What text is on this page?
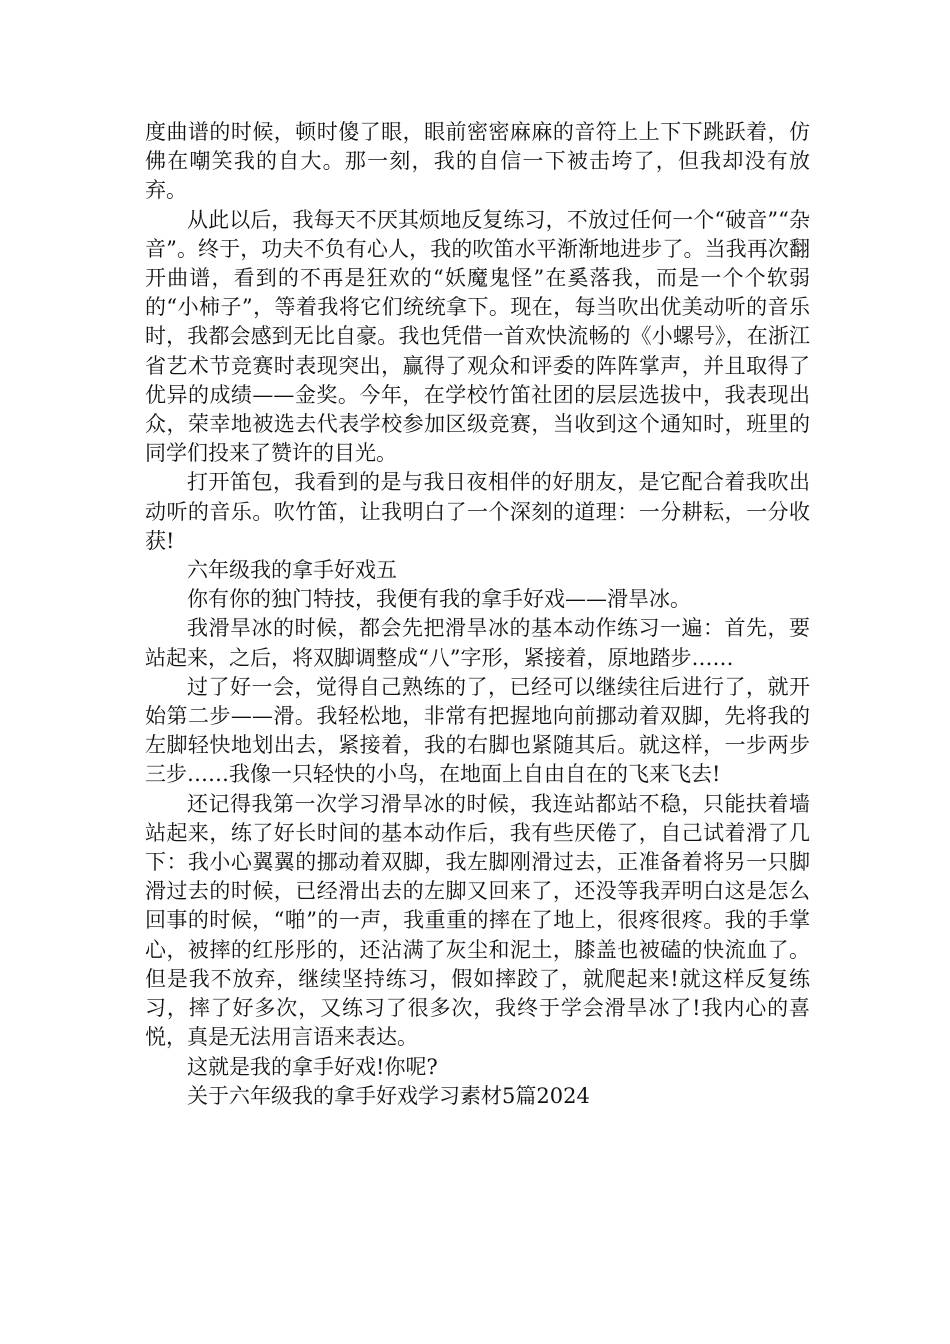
度曲谱的时候，顿时傻了眼，眼前密密麻麻的音符上上下下跳跃着，仿佛在嘲笑我的自大。那一刻，我的自信一下被击垮了，但我却没有放弃。

从此以后，我每天不厌其烦地反复练习，不放过任何一个“破音”“杂音”。终于，功夫不负有心人，我的吹笛水平渐渐地进步了。当我再次翻开曲谱，看到的不再是狂欢的“妖魔鬼怪”在奚落我，而是一个个软弱的“小柿子”，等着我将它们统统拿下。现在，每当吹出优美动听的音乐时，我都会感到无比自豪。我也凭借一首欢快流畅的《小螺号》，在浙江省艺术节竞赛时表现突出，赢得了观众和评委的阵阵掌声，并且取得了优异的成绩——金奖。今年，在学校竹笛社团的层层选拔中，我表现出众，荣幸地被选去代表学校参加区级竞赛，当收到这个通知时，班里的同学们投来了赞许的目光。

打开笛包，我看到的是与我日夜相伴的好朋友，是它配合着我吹出动听的音乐。吹竹笛，让我明白了一个深刻的道理：一分耕耘，一分收获!

六年级我的拿手好戏五

你有你的独门特技，我便有我的拿手好戏——滑旱冰。

我滑旱冰的时候，都会先把滑旱冰的基本动作练习一遍：首先，要站起来，之后，将双脚调整成“八”字形，紧接着，原地踏步……

过了好一会，觉得自己熟练的了，已经可以继续往后进行了，就开始第二步——滑。我轻松地，非常有把握地向前挪动着双脚，先将我的左脚轻快地划出去，紧接着，我的右脚也紧随其后。就这样，一步两步三步……我像一只轻快的小鸟，在地面上自由自在的飞来飞去!

还记得我第一次学习滑旱冰的时候，我连站都站不稳，只能扶着墙站起来，练了好长时间的基本动作后，我有些厌倦了，自己试着滑了几下：我小心翼翼的挪动着双脚，我左脚刚滑过去，正准备着将另一只脚滑过去的时候，已经滑出去的左脚又回来了，还没等我弄明白这是怎么回事的时候，“啪”的一声，我重重的摔在了地上，很疼很疼。我的手掌心，被摔的红彤彤的，还沾满了灰尘和泥土，膝盖也被磕的快流血了。但是我不放弃，继续坚持练习，假如摔跤了，就爬起来!就这样反复练习，摔了好多次，又练习了很多次，我终于学会滑旱冰了!我内心的喜悦，真是无法用言语来表达。

这就是我的拿手好戏!你呢?

关于六年级我的拿手好戏学习素材5篇2024
